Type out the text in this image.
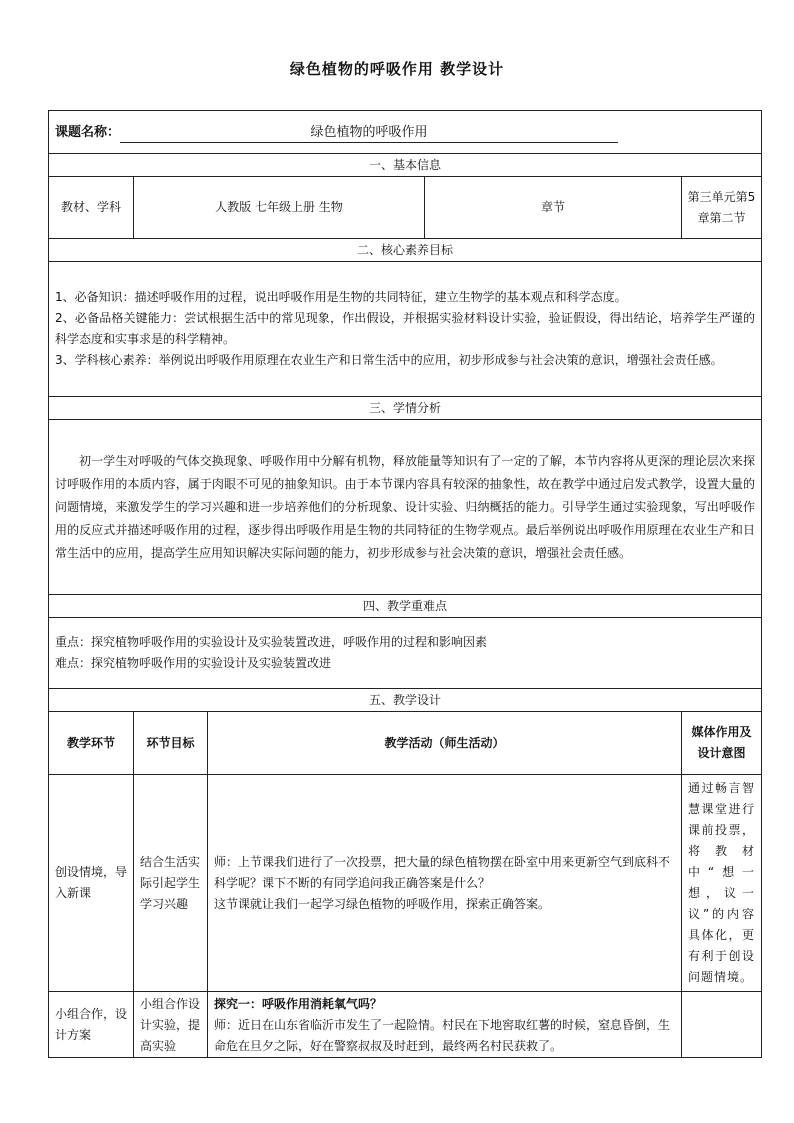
绿色植物的呼吸作用 教学设计
课题名称： 绿色植物的呼吸作用				
一、基本信息				
教材、学科	人教版 七年级上册 生物		章节	第三单元第5章第二节
二、核心素养目标				

1、必备知识：描述呼吸作用的过程，说出呼吸作用是生物的共同特征，建立生物学的基本观点和科学态度。
2、必备品格关键能力：尝试根据生活中的常见现象，作出假设，并根据实验材料设计实验，验证假设，得出结论，培养学生严谨的科学态度和实事求是的科学精神。
3、学科核心素养：举例说出呼吸作用原理在农业生产和日常生活中的应用，初步形成参与社会决策的意识，增强社会责任感。				

三、学情分析				

初一学生对呼吸的气体交换现象、呼吸作用中分解有机物，释放能量等知识有了一定的了解，本节内容将从更深的理论层次来探讨呼吸作用的本质内容，属于肉眼不可见的抽象知识。由于本节课内容具有较深的抽象性，故在教学中通过启发式教学，设置大量的问题情境，来激发学生的学习兴趣和进一步培养他们的分析现象、设计实验、归纳概括的能力。引导学生通过实验现象，写出呼吸作用的反应式并描述呼吸作用的过程，逐步得出呼吸作用是生物的共同特征的生物学观点。最后举例说出呼吸作用原理在农业生产和日常生活中的应用，提高学生应用知识解决实际问题的能力，初步形成参与社会决策的意识，增强社会责任感。				

四、教学重难点				

重点：探究植物呼吸作用的实验设计及实验装置改进，呼吸作用的过程和影响因素
难点：探究植物呼吸作用的实验设计及实验装置改进				

五、教学设计				
教学环节	环节目标	教学活动（师生活动）		媒体作用及设计意图
创设情境，导入新课	结合生活实际引起学生学习兴趣	师：上节课我们进行了一次投票，把大量的绿色植物摆在卧室中用来更新空气到底科不科学呢？课下不断的有同学追问我正确答案是什么？
这节课就让我们一起学习绿色植物的呼吸作用，探索正确答案。		通过畅言智慧课堂进行课前投票，将教材中“想一想，议一议”的内容具体化，更有利于创设问题情境。
小组合作，设计方案	小组合作设计实验，提高实验	探究一：呼吸作用消耗氧气吗？
师：近日在山东省临沂市发生了一起险情。村民在下地窖取红薯的时候，窒息昏倒，生命危在旦夕之际，好在警察叔叔及时赶到，最终两名村民获救了。		
